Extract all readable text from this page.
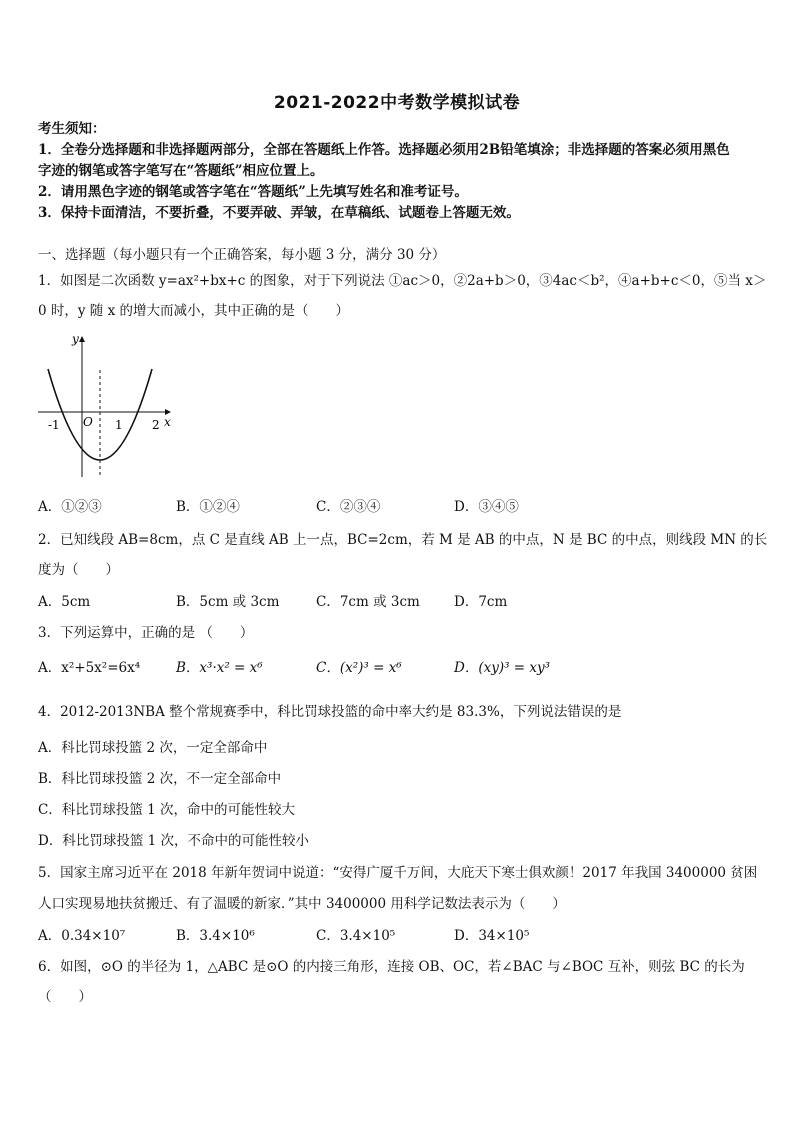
2021-2022中考数学模拟试卷
考生须知：
1．全卷分选择题和非选择题两部分，全部在答题纸上作答。选择题必须用2B铅笔填涂；非选择题的答案必须用黑色
字迹的钢笔或答字笔写在“答题纸”相应位置上。
2．请用黑色字迹的钢笔或答字笔在“答题纸”上先填写姓名和准考证号。
3．保持卡面清洁，不要折叠，不要弄破、弄皱，在草稿纸、试题卷上答题无效。
一、选择题（每小题只有一个正确答案，每小题 3 分，满分 30 分）
1．如图是二次函数 y=ax²+bx+c 的图象，对于下列说法 ①ac＞0，②2a+b＞0，③4ac＜b²，④a+b+c＜0，⑤当 x＞
0 时，y 随 x 的增大而减小，其中正确的是（　　）
y
x
O
-1	1 2
A．①②③	B．①②④	C．②③④	D．③④⑤
2．已知线段 AB=8cm，点 C 是直线 AB 上一点，BC=2cm，若 M 是 AB 的中点，N 是 BC 的中点，则线段 MN 的长
度为（　　）
A．5cm	B．5cm 或 3cm	C．7cm 或 3cm	D．7cm
3．下列运算中，正确的是 （　　）
A．x²+5x²=6x⁴	B．x³·x² = x⁶	C．(x²)³ = x⁶	D．(xy)³ = xy³
4．2012-2013NBA 整个常规赛季中，科比罚球投篮的命中率大约是 83.3%，下列说法错误的是
A．科比罚球投篮 2 次，一定全部命中
B．科比罚球投篮 2 次，不一定全部命中
C．科比罚球投篮 1 次，命中的可能性较大
D．科比罚球投篮 1 次，不命中的可能性较小
5．国家主席习近平在 2018 年新年贺词中说道：“安得广厦千万间，大庇天下寒士俱欢颜！2017 年我国 3400000 贫困
人口实现易地扶贫搬迁、有了温暖的新家．”其中 3400000 用科学记数法表示为（　　）
A．0.34×10⁷	B．3.4×10⁶	C．3.4×10⁵	D．34×10⁵
6．如图，⊙O 的半径为 1，△ABC 是⊙O 的内接三角形，连接 OB、OC，若∠BAC 与∠BOC 互补，则弦 BC 的长为
（　　）
